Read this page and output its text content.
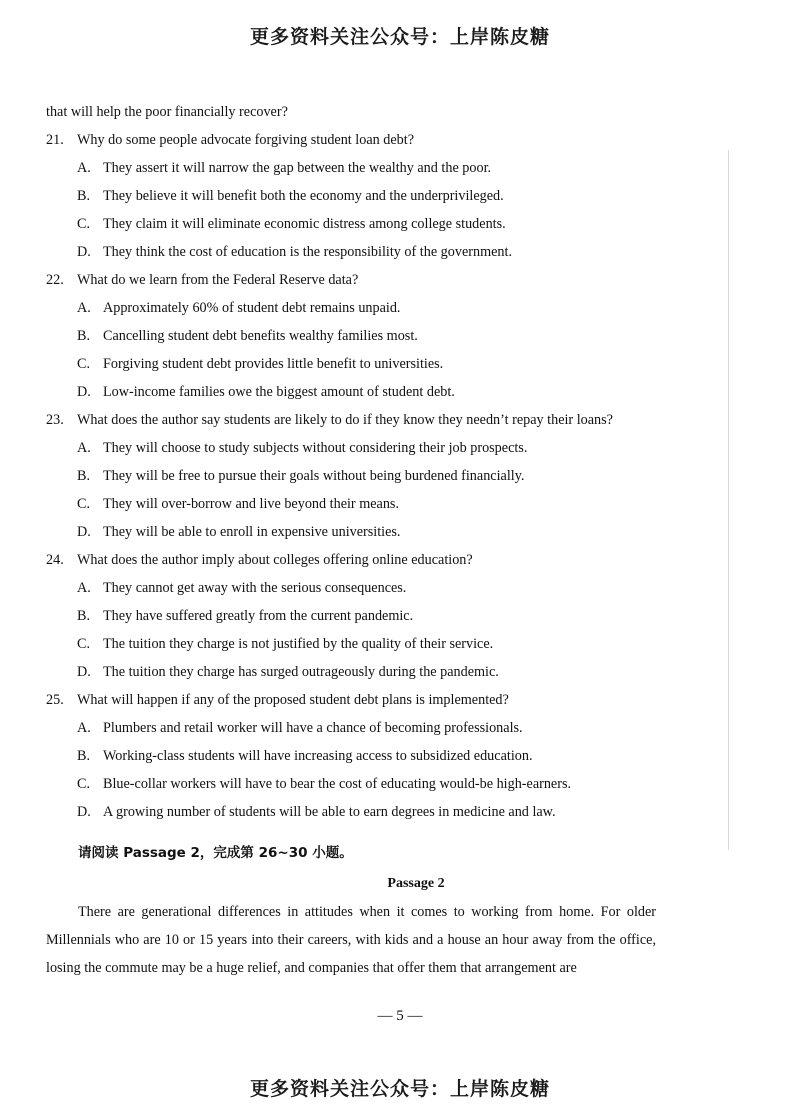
更多资料关注公众号：上岸陈皮糖
that will help the poor financially recover?
21. Why do some people advocate forgiving student loan debt?
A. They assert it will narrow the gap between the wealthy and the poor.
B. They believe it will benefit both the economy and the underprivileged.
C. They claim it will eliminate economic distress among college students.
D. They think the cost of education is the responsibility of the government.
22. What do we learn from the Federal Reserve data?
A. Approximately 60% of student debt remains unpaid.
B. Cancelling student debt benefits wealthy families most.
C. Forgiving student debt provides little benefit to universities.
D. Low-income families owe the biggest amount of student debt.
23. What does the author say students are likely to do if they know they needn’t repay their loans?
A. They will choose to study subjects without considering their job prospects.
B. They will be free to pursue their goals without being burdened financially.
C. They will over-borrow and live beyond their means.
D. They will be able to enroll in expensive universities.
24. What does the author imply about colleges offering online education?
A. They cannot get away with the serious consequences.
B. They have suffered greatly from the current pandemic.
C. The tuition they charge is not justified by the quality of their service.
D. The tuition they charge has surged outrageously during the pandemic.
25. What will happen if any of the proposed student debt plans is implemented?
A. Plumbers and retail worker will have a chance of becoming professionals.
B. Working-class students will have increasing access to subsidized education.
C. Blue-collar workers will have to bear the cost of educating would-be high-earners.
D. A growing number of students will be able to earn degrees in medicine and law.
请阅读 Passage 2，完成第 26~30 小题。
Passage 2
There are generational differences in attitudes when it comes to working from home. For older Millennials who are 10 or 15 years into their careers, with kids and a house an hour away from the office, losing the commute may be a huge relief, and companies that offer them that arrangement are
— 5 —
更多资料关注公众号：上岸陈皮糖
